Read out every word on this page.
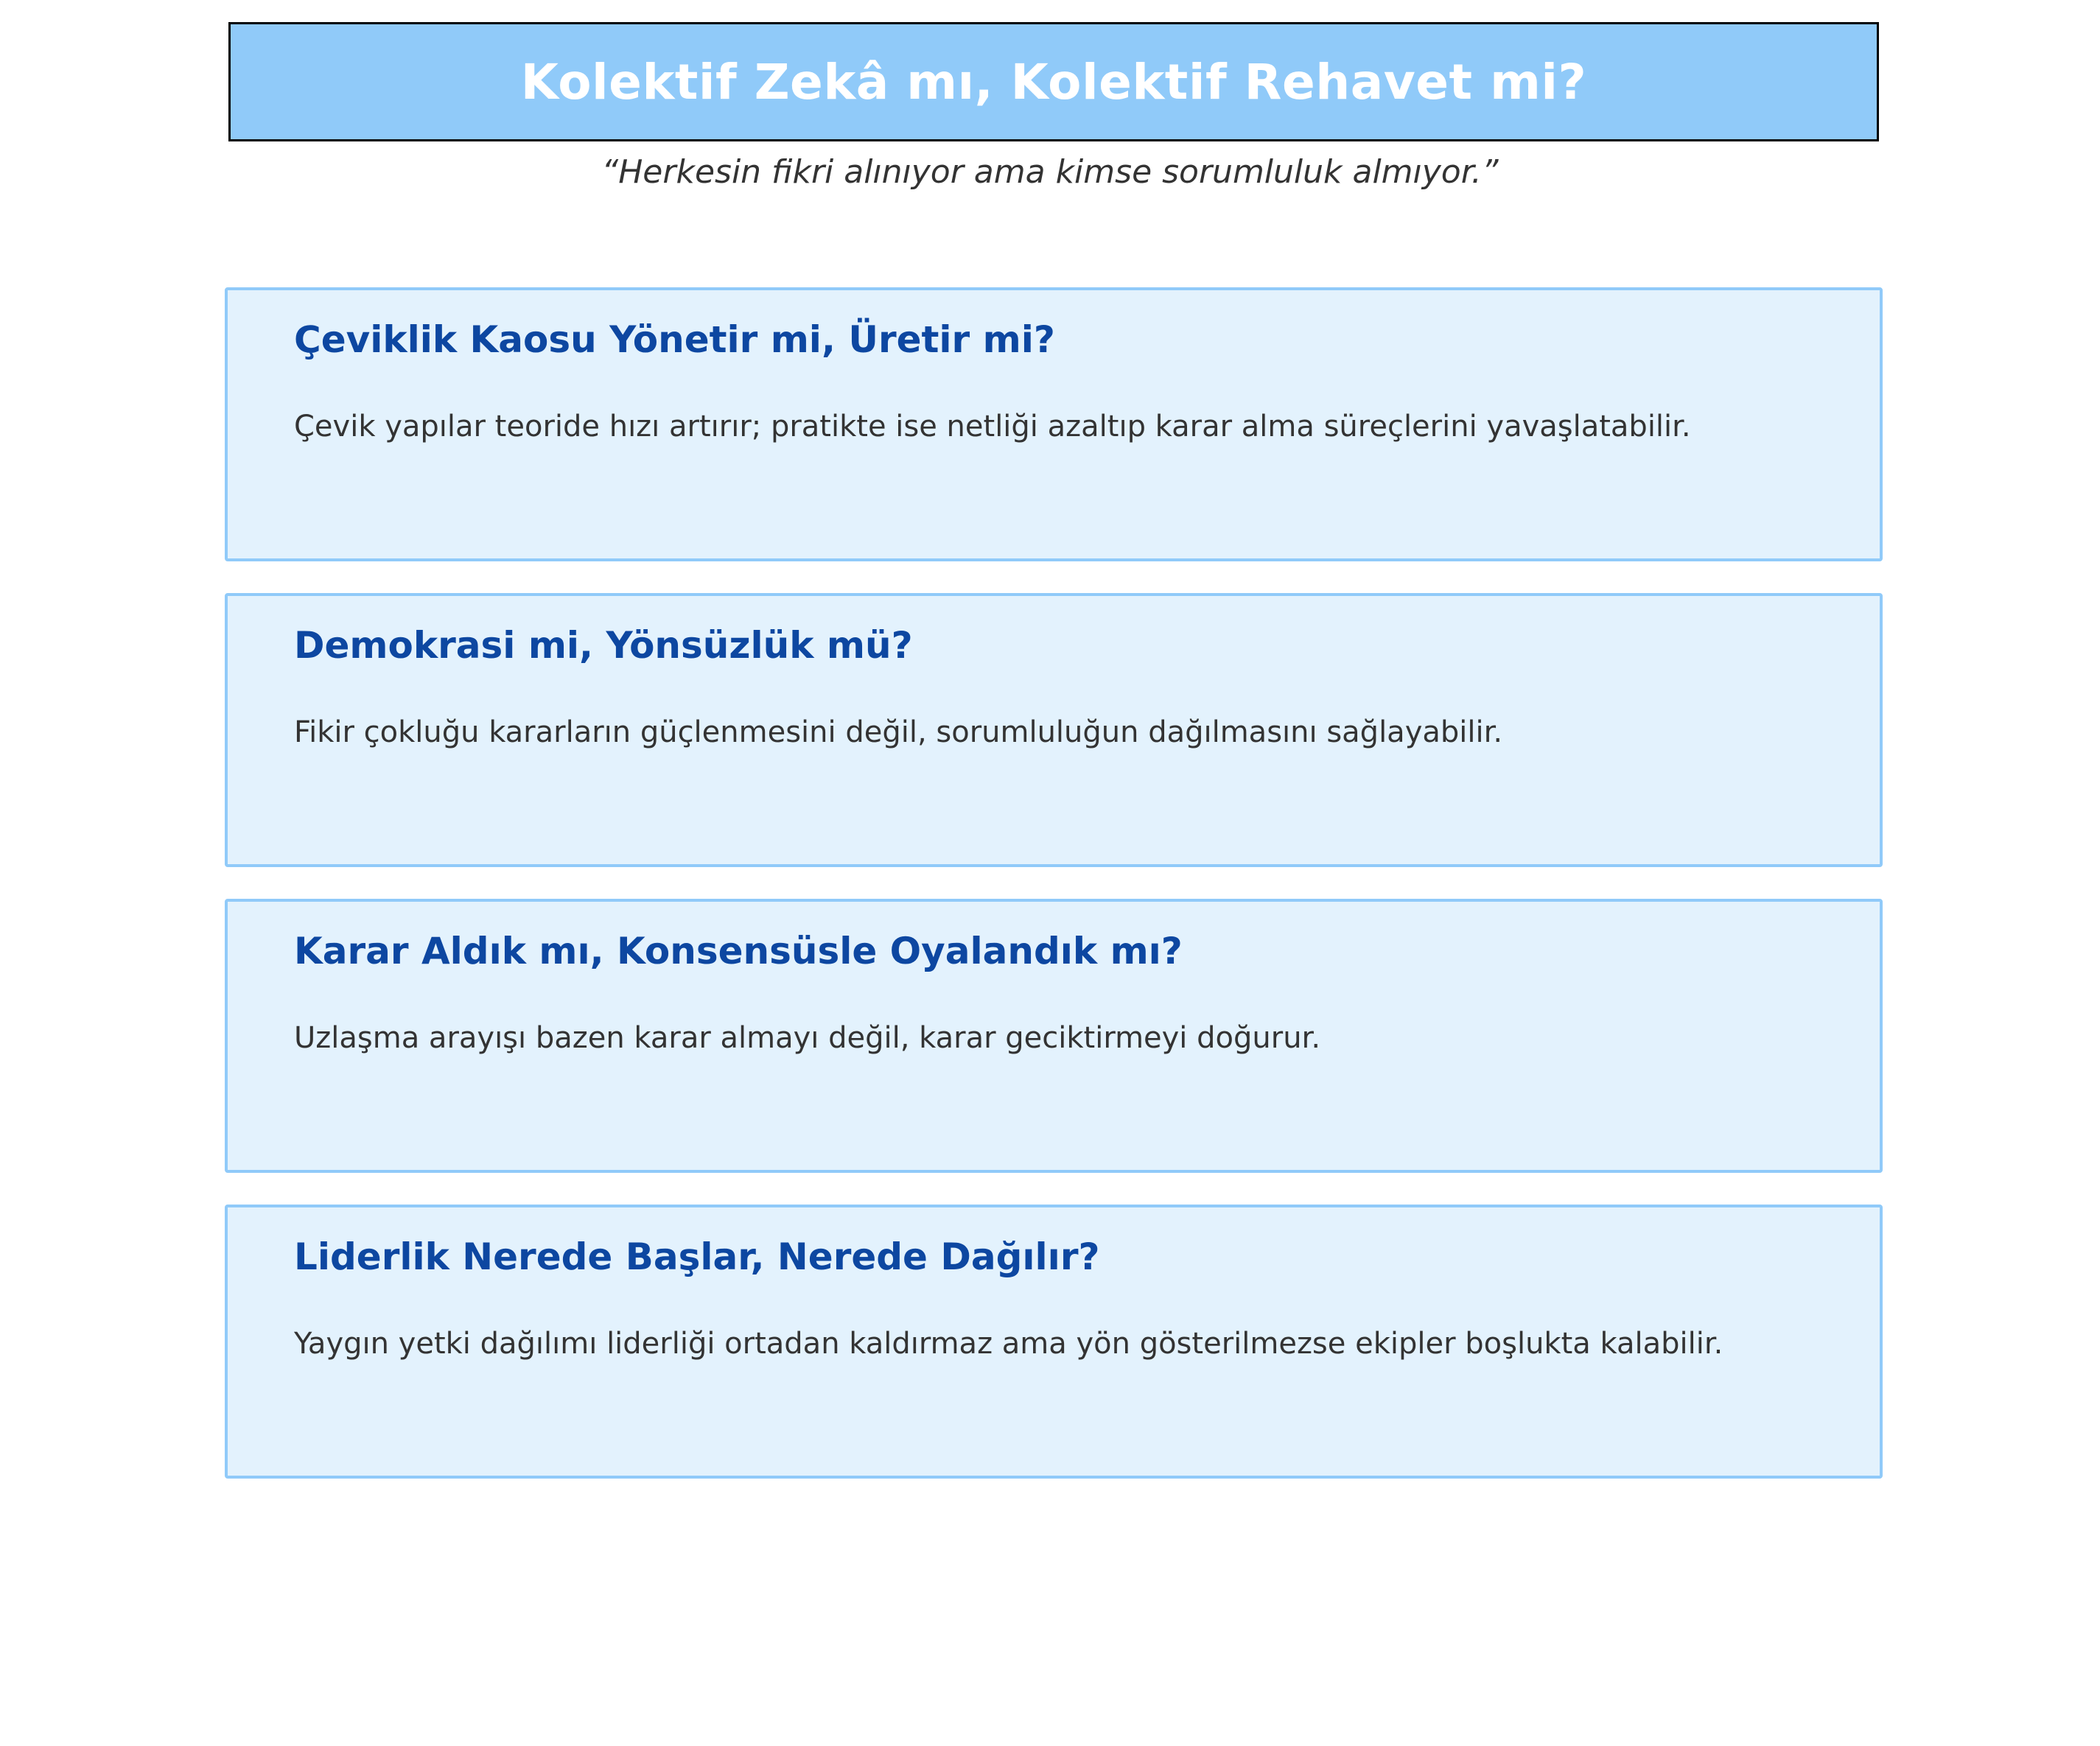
Kolektif Zekâ mı, Kolektif Rehavet mi?
“Herkesin fikri alınıyor ama kimse sorumluluk almıyor.”
Çeviklik Kaosu Yönetir mi, Üretir mi?
Çevik yapılar teoride hızı artırır; pratikte ise netliği azaltıp karar alma süreçlerini yavaşlatabilir.
Demokrasi mi, Yönsüzlük mü?
Fikir çokluğu kararların güçlenmesini değil, sorumluluğun dağılmasını sağlayabilir.
Karar Aldık mı, Konsensüsle Oyalandık mı?
Uzlaşma arayışı bazen karar almayı değil, karar geciktirmeyi doğurur.
Liderlik Nerede Başlar, Nerede Dağılır?
Yaygın yetki dağılımı liderliği ortadan kaldırmaz ama yön gösterilmezse ekipler boşlukta kalabilir.
